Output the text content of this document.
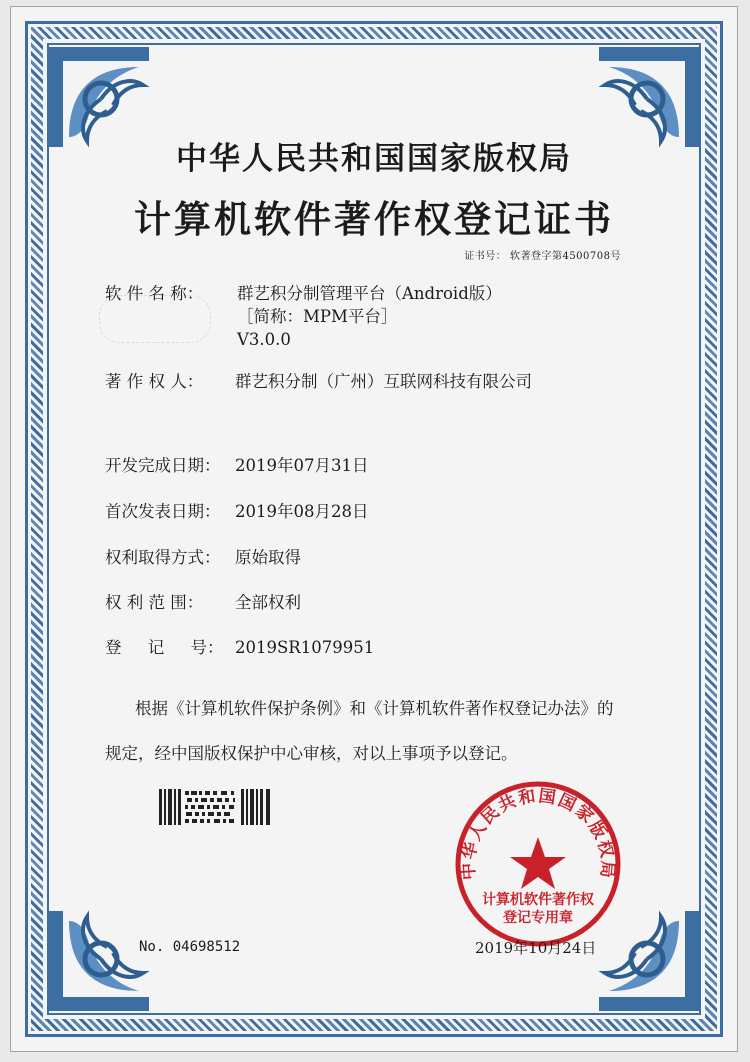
中华人民共和国国家版权局
计算机软件著作权登记证书
证书号： 软著登字第4500708号
软 件 名 称：	群艺积分制管理平台（Android版）
［简称：MPM平台］
V3.0.0
著 作 权 人： 群艺积分制（广州）互联网科技有限公司
开发完成日期： 2019年07月31日
首次发表日期： 2019年08月28日
权利取得方式： 原始取得
权 利 范 围： 全部权利
登     记     号： 2019SR1079951
根据《计算机软件保护条例》和《计算机软件著作权登记办法》的
规定，经中国版权保护中心审核，对以上事项予以登记。
No. 04698512
中华人民共和国国家版权局
计算机软件著作权
登记专用章
2019年10月24日
